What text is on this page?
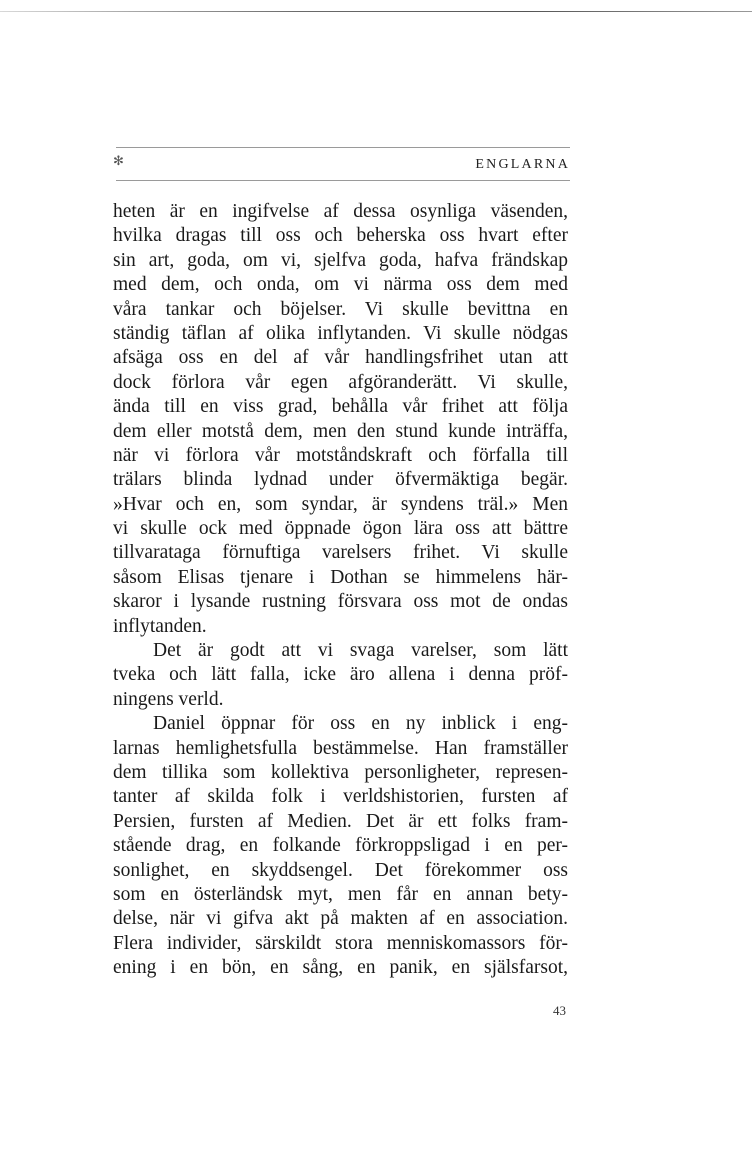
✻	ENGLARNA
heten är en ingifvelse af dessa osynliga väsenden,
hvilka dragas till oss och beherska oss hvart efter
sin art, goda, om vi, sjelfva goda, hafva frändskap
med dem, och onda, om vi närma oss dem med
våra tankar och böjelser. Vi skulle bevittna en
ständig täflan af olika inflytanden. Vi skulle nödgas
afsäga oss en del af vår handlingsfrihet utan att
dock förlora vår egen afgöranderätt. Vi skulle,
ända till en viss grad, behålla vår frihet att följa
dem eller motstå dem, men den stund kunde inträffa,
när vi förlora vår motståndskraft och förfalla till
trälars blinda lydnad under öfvermäktiga begär.
»Hvar och en, som syndar, är syndens träl.» Men
vi skulle ock med öppnade ögon lära oss att bättre
tillvarataga förnuftiga varelsers frihet. Vi skulle
såsom Elisas tjenare i Dothan se himmelens här-
skaror i lysande rustning försvara oss mot de ondas
inflytanden.
Det är godt att vi svaga varelser, som lätt
tveka och lätt falla, icke äro allena i denna pröf-
ningens verld.
Daniel öppnar för oss en ny inblick i eng-
larnas hemlighetsfulla bestämmelse. Han framställer
dem tillika som kollektiva personligheter, represen-
tanter af skilda folk i verldshistorien, fursten af
Persien, fursten af Medien. Det är ett folks fram-
stående drag, en folkande förkroppsligad i en per-
sonlighet, en skyddsengel. Det förekommer oss
som en österländsk myt, men får en annan bety-
delse, när vi gifva akt på makten af en association.
Flera individer, särskildt stora menniskomassors för-
ening i en bön, en sång, en panik, en själsfarsot,
43
